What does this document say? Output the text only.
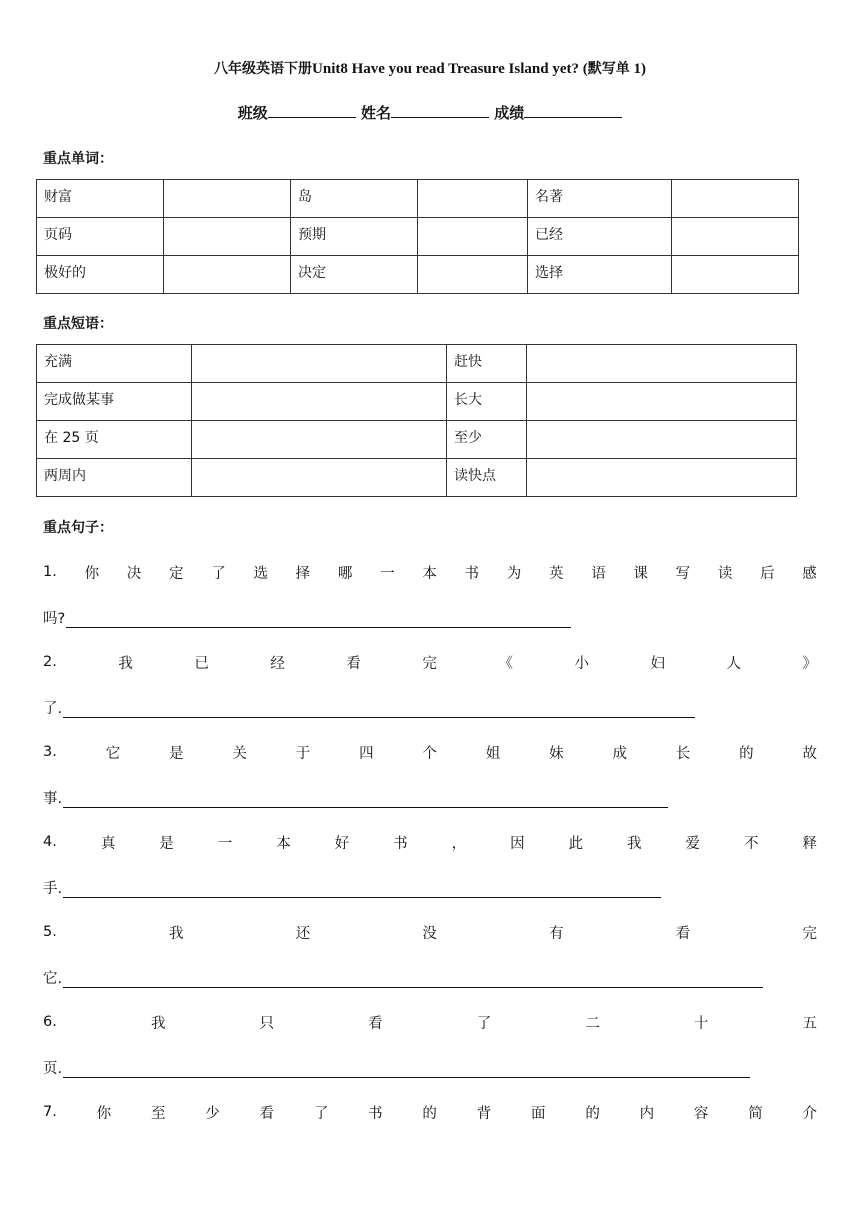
八年级英语下册Unit8 Have you read Treasure Island yet? (默写单 1)
班级	姓名	成绩
重点单词：
财富		岛		名著	
页码		预期		已经	
极好的		决定		选择	
重点短语：
充满		赶快	
完成做某事		长大	
在 25 页		至少	
两周内		读快点	
重点句子：
1. 你 决 定 了 选 择 哪 一 本 书 为 英 语 课 写 读 后 感
吗?
2.	我	已	经	看	完	《	小	妇	人	》
了.
3.	它	是	关	于	四	个	姐	妹	成	长	的	故
事.
4.	真	是	一	本	好	书	，	因	此	我	爱	不	释
手.
5.	我	还	没	有	看	完
它.
6.	我	只	看	了	二	十	五
页.
7.	你	至	少	看	了	书	的	背	面	的	内	容	简	介
